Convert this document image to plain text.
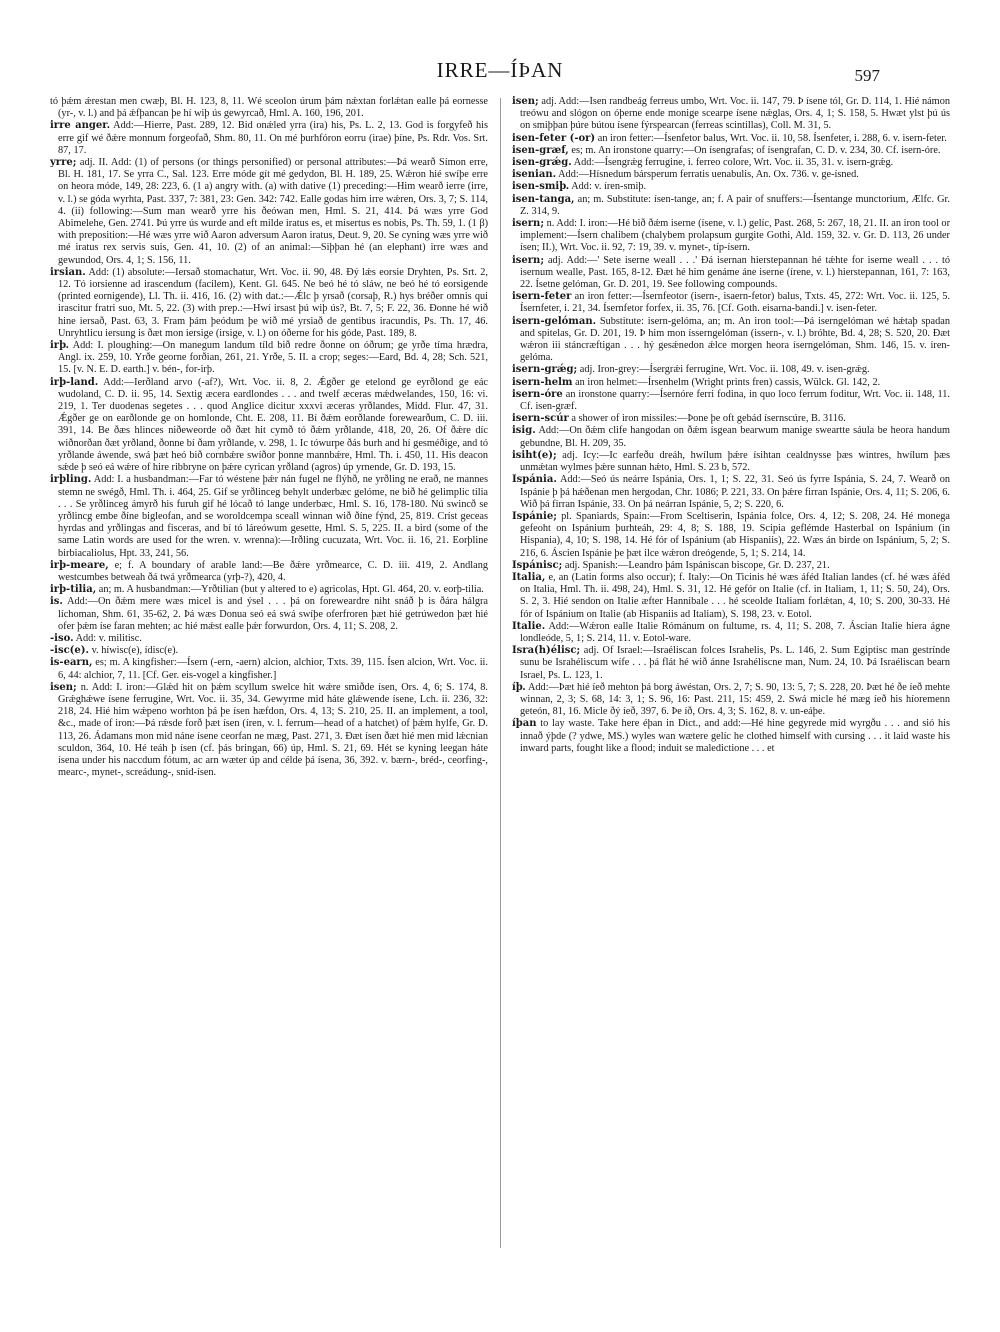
IRRE—ÍÞAN	597

tó þǽm ǽrestan men cwæþ, Bl. H. 123, 8, 11. Wé sceolon úrum þám nǽxtan forlǽtan ealle þá eornesse (yr-, v. l.) and þá ǽfþancan þe hí wiþ ús gewyrcað, Hml. A. 160, 196, 201.

irre anger. Add:—Hierre, Past. 289, 12. Bid onǽled yrra (ira) his, Ps. L. 2, 13. God is forgyfeð his erre gif wé ðǽre monnum forgeofað, Shm. 80, 11. On mé þurhfóron eorru (irae) þíne, Ps. Rdr. Vos. Srt. 87, 17.

yrre; adj. II. Add: (1) of persons (or things personified) or personal attributes:—Þá wearð Símon erre, Bl. H. 181, 17. Se yrra C., Sal. 123. Erre móde gít mé gedydon, Bl. H. 189, 25. Wǽron hié swíþe erre on heora móde, 149, 28: 223, 6. (1 a) angry with. (a) with dative (1) preceding:—Him wearð ierre (irre, v. l.) se góda wyrhta, Past. 337, 7: 381, 23: Gen. 342: 742. Ealle godas him irre wǽren, Ors. 3, 7; S. 114, 4. (ii) following:—Sum man wearð yrre his ðeówan men, Hml. S. 21, 414. Þá wæs yrre God Abimelehe, Gen. 2741. Þú yrre ús wurde and eft milde iratus es, et misertus es nobis, Ps. Th. 59, 1. (1 β) with preposition:—Hé wæs yrre wið Aaron adversum Aaron iratus, Deut. 9, 20. Se cyning wæs yrre wið mé iratus rex servis suis, Gen. 41, 10. (2) of an animal:—Siþþan hé (an elephant) irre wæs and gewundod, Ors. 4, 1; S. 156, 11.

irsian. Add: (1) absolute:—Iersað stomachatur, Wrt. Voc. ii. 90, 48. Ðý lǽs eorsie Dryhten, Ps. Srt. 2, 12. Tó iorsienne ad irascendum (facilem), Kent. Gl. 645. Ne beó hé tó sláw, ne beó hé tó eorsigende (printed eornigende), Ll. Th. ii. 416, 16. (2) with dat.:—Ǽlc þ yrsað (corsaþ, R.) hys bréðer omnis qui irascitur fratri suo, Mt. 5, 22. (3) with prep.:—Hwí irsast þú wiþ ús?, Bt. 7, 5; F. 22, 36. Ðonne hé wið hine iersað, Past. 63, 3. Fram þám þeódum þe wið mé yrsiað de gentibus iracundis, Ps. Th. 17, 46. Unryhtlicu iersung is ðæt mon iersige (irsige, v. l.) on óðerne for his góde, Past. 189, 8.

irþ. Add: I. ploughing:—On manegum landum tíld bið redre ðonne on óðrum; ge yrðe tíma hrædra, Angl. ix. 259, 10. Yrðe georne forðian, 261, 21. Yrðe, 5. II. a crop; seges:—Eard, Bd. 4, 28; Sch. 521, 15. [v. N. E. D. earth.] v. bén-, for-irþ.

irþ-land. Add:—Ierðland arvo (-af?), Wrt. Voc. ii. 8, 2. Ǽgðer ge etelond ge eyrðlond ge eác wudoland, C. D. ii. 95, 14. Sextig æcera eardlondes . . . and twelf æceras mǽdwelandes, 150, 16: vi. 219, 1. Ter duodenas segetes . . . quod Anglice dicitur xxxvi æceras yrðlandes, Midd. Flur. 47, 31. Ǽgðer ge on earðlonde ge on homlonde, Cht. E. 208, 11. Bí ðǽm eorðlande forewearðum, C. D. iii. 391, 14. Be ðæs hlinces niðeweorde oð ðæt hit cymð tó ðǽm yrðlande, 418, 20, 26. Of ðǽre díc wiðnorðan ðæt yrðland, ðonne bí ðam yrðlande, v. 298, 1. Ic tówurpe ðás burh and hí gesméðige, and tó yrðlande áwende, swá þæt heó bið cornbǽre swíðor þonne mannbǽre, Hml. Th. i. 450, 11. His deacon sǽde þ seó eá wǽre of hire ribbryne on þǽre cyrican yrðland (agros) úp yrnende, Gr. D. 193, 15.

irþling. Add: I. a husbandman:—Far tó wéstene þǽr nán fugel ne flýhð, ne yrðling ne erað, ne mannes stemn ne swégð, Hml. Th. i. 464, 25. Gif se yrðlinceg behylt underbæc gelóme, ne bið hé gelimplic tilia . . . Se yrðlinceg ámyrð his furuh gif hé lócað tó lange underbæc, Hml. S. 16, 178-180. Nú swincð se yrðlincg embe ðíne bigleofan, and se woroldcempa sceall winnan wið ðíne fýnd, 25, 819. Críst geceas hyrdas and yrðlingas and fisceras, and bí tó láreówum gesette, Hml. S. 5, 225. II. a bird (some of the same Latin words are used for the wren. v. wrenna):—Irðling cucuzata, Wrt. Voc. ii. 16, 21. Eorþline birbiacaliolus, Hpt. 33, 241, 56.

irþ-meare, e; f. A boundary of arable land:—Be ðǽre yrðmearce, C. D. iii. 419, 2. Andlang westcumbes betweah ðá twá yrðmearca (yrþ-?), 420, 4.

irþ-tilia, an; m. A husbandman:—Yrðtilian (but y altered to e) agricolas, Hpt. Gl. 464, 20. v. eorþ-tilia.

is. Add:—On ðǽm mere wæs micel is and ýsel . . . þá on foreweardre niht snáð þ is ðára hálgra líchoman, Shm. 61, 35-62, 2. Þá wæs Donua seó eá swá swíþe oferfroren þæt hié getrúwedon þæt hié ofer þǽm íse faran mehten; ac hié mǽst ealle þǽr forwurdon, Ors. 4, 11; S. 208, 2.

-iso. Add: v. militisc.

-isc(e). v. híwisc(e), ídisc(e).

is-earn, es; m. A kingfisher:—Ísern (-ern, -aern) alcion, alchior, Txts. 39, 115. Ísen alcion, Wrt. Voc. ii. 6, 44: alchior, 7, 11. [Cf. Ger. eis-vogel a kingfisher.]

isen; n. Add: I. iron:—Glǽd hit on þǽm scyllum swelce hit wǽre smiðde ísen, Ors. 4, 6; S. 174, 8. Grǽghǽwe ísene ferrugine, Wrt. Voc. ii. 35, 34. Gewyrme mid háte glǽwende ísene, Lch. ii. 236, 32: 218, 24. Hié him wǽpeno worhton þá þe ísen hæfdon, Ors. 4, 13; S. 210, 25. II. an implement, a tool, &c., made of iron:—Þá rǽsde forð þæt ísen (íren, v. l. ferrum—head of a hatchet) of þǽm hylfe, Gr. D. 113, 26. Ádamans mon mid náne ísene ceorfan ne mæg, Past. 271, 3. Ðæt ísen ðæt hié men mid lǽcnian sculdon, 364, 10. Hé teáh þ ísen (cf. þás bringan, 66) úp, Hml. S. 21, 69. Hét se kyning leegan háte ísena under his naccdum fótum, ac arn wæter úp and célde þá ísena, 36, 392. v. bærn-, bréd-, ceorfing-, mearc-, mynet-, screádung-, snid-ísen.

isen; adj. Add:—Ísen randbeág ferreus umbo, Wrt. Voc. ii. 147, 79. Þ ísene tól, Gr. D. 114, 1. Hié námon treówu and slógon on óþerne ende monige scearpe ísene nǽglas, Ors. 4, 1; S. 158, 5. Hwæt ylst þú ús on smiþþan þúre bútou ísene fýrspearcan (ferreas scintillas), Coll. M. 31, 5.

isen-feter (-or) an iron fetter:—Ísenfetor balus, Wrt. Voc. ii. 10, 58. Ísenfeter, i. 288, 6. v. isern-feter.

isen-græf, es; m. An ironstone quarry:—On ísengrafas; of ísengrafan, C. D. v. 234, 30. Cf. isern-óre.

isen-grǽg. Add:—Ísengrǽg ferrugine, i. ferreo colore, Wrt. Voc. ii. 35, 31. v. isern-grǽg.

isenian. Add:—Hísnedum bársperum ferratis uenabulis, An. Ox. 736. v. ge-ísned.

isen-smiþ. Add: v. íren-smiþ.

isen-tanga, an; m. Substitute: ísen-tange, an; f. A pair of snuffers:—Ísentange munctorium, Ælfc. Gr. Z. 314, 9.

isern; n. Add: I. iron:—Hé bið ðǽm iserne (ísene, v. l.) gelíc, Past. 268, 5: 267, 18, 21. II. an iron tool or implement:—Ísern chalibem (chalybem prolapsum gurgite Gothi, Ald. 159, 32. v. Gr. D. 113, 26 under ísen; II.), Wrt. Voc. ii. 92, 7: 19, 39. v. mynet-, típ-ísern.

isern; adj. Add:—' Sete iserne weall . . .' Ðá isernan hierstepannan hé tǽhte for iserne weall . . . tó isernum wealle, Past. 165, 8-12. Ðæt hé him genáme áne iserne (írene, v. l.) hierstepannan, 161, 7: 163, 22. Ísetne gelóman, Gr. D. 201, 19. See following compounds.

isern-feter an iron fetter:—Ísernfeotor (isern-, isaern-fetor) balus, Txts. 45, 272: Wrt. Voc. ii. 125, 5. Ísernfeter, i. 21, 34. Ísernfetor forfex, ii. 35, 76. [Cf. Goth. eisarna-bandi.] v. isen-feter.

isern-gelóman. Substitute: isern-gelóma, an; m. An iron tool:—Þá iserngelóman wé hǽtaþ spadan and spitelas, Gr. D. 201, 19. Þ him mon ísserngelóman (issern-, v. l.) bróhte, Bd. 4, 28; S. 520, 20. Ðæt wǽron iii stáncræftigan . . . hý gesǽnedon ǽlce morgen heora íserngelóman, Shm. 146, 15. v. íren-gelóma.

isern-grǽg; adj. Iron-grey:—Ísergrǽi ferrugine, Wrt. Voc. ii. 108, 49. v. isen-grǽg.

isern-helm an iron helmet:—Írsenhelm (Wright prints fren) cassis, Wülck. Gl. 142, 2.

isern-óre an ironstone quarry:—Ísernóre ferri fodina, in quo loco ferrum foditur, Wrt. Voc. ii. 148, 11. Cf. isen-græf.

isern-scúr a shower of iron missiles:—Þone þe oft gebád ísernscúre, B. 3116.

isig. Add:—On ðǽm clife hangodan on ðǽm ísgean bearwum manige sweartte sáula be heora handum gebundne, Bl. H. 209, 35.

isiht(e); adj. Icy:—Ic earfeðu dreáh, hwílum þǽre ísihtan cealdnysse þæs wintres, hwílum þæs unmǽtan wylmes þǽre sunnan hǽto, Hml. S. 23 b, 572.

Ispánia. Add:—Seó ús neárre Ispánia, Ors. 1, 1; S. 22, 31. Seó ús fyrre Ispánia, S. 24, 7. Wearð on Ispánie þ þá hǽðenan men hergodan, Chr. 1086; P. 221, 33. On þǽre firran Ispánie, Ors. 4, 11; S. 206, 6. Wið þá firran Ispánie, 33. On þá neárran Ispánie, 5, 2; S. 220, 6.

Ispánie; pl. Spaniards, Spain:—From Sceltiserin, Ispánia folce, Ors. 4, 12; S. 208, 24. Hé monega gefeoht on Ispánium þurhteáh, 29: 4, 8; S. 188, 19. Scipia geflémde Hasterbal on Ispánium (in Hispania), 4, 10; S. 198, 14. Hé fór of Ispánium (ab Hispaniis), 22. Wæs án birde on Ispánium, 5, 2; S. 216, 6. Áscien Ispánie þe þæt ilce wǽron dreógende, 5, 1; S. 214, 14.

Ispánisc; adj. Spanish:—Leandro þám Ispániscan biscope, Gr. D. 237, 21.

Italia, e, an (Latin forms also occur); f. Italy:—On Ticinis hé wæs áféd Italian landes (cf. hé wæs áféd on Italia, Hml. Th. ii. 498, 24), Hml. S. 31, 12. Hé gefór on Italie (cf. in Italiam, 1, 11; S. 50, 24), Ors. S. 2, 3. Hié sendon on Italie æfter Hannibale . . . hé sceolde Italiam forlǽtan, 4, 10; S. 200, 30-33. Hé fór of Ispánium on Italie (ab Hispaniis ad Italiam), S. 198, 23. v. Eotol.

Italie. Add:—Wǽron ealle Italie Rómánum on fultume, rs. 4, 11; S. 208, 7. Áscian Italie hiera ágne londleóde, 5, 1; S. 214, 11. v. Eotol-ware.

Isra(h)élisc; adj. Of Israel:—Israéliscan folces Israhelis, Ps. L. 146, 2. Sum Egiptisc man gestrínde sunu be Israhéliscum wífe . . . þá flát hé wið ánne Israhéliscne man, Num. 24, 10. Þá Israéliscan bearn Israel, Ps. L. 123, 1.

íþ. Add:—Þæt hié íeð mehton þá borg áwéstan, Ors. 2, 7; S. 90, 13: 5, 7; S. 228, 20. Þæt hé ðe íeð mehte winnan, 2, 3; S. 68, 14: 3, 1; S. 96, 16: Past. 211, 15: 459, 2. Swá micle hé mæg íeð his híoremenn geteón, 81, 16. Micle ðý íeð, 397, 6. Þe íð, Ors. 4, 3; S. 162, 8. v. un-eáþe.

íþan to lay waste. Take here éþan in Dict., and add:—Hé hine gegyrede mid wyrgðu . . . and sió his innað ýþde (? ydwe, MS.) wyles wan wætere gelíc he clothed himself with cursing . . . it laid waste his inward parts, fought like a flood; induit se maledictione . . . et
